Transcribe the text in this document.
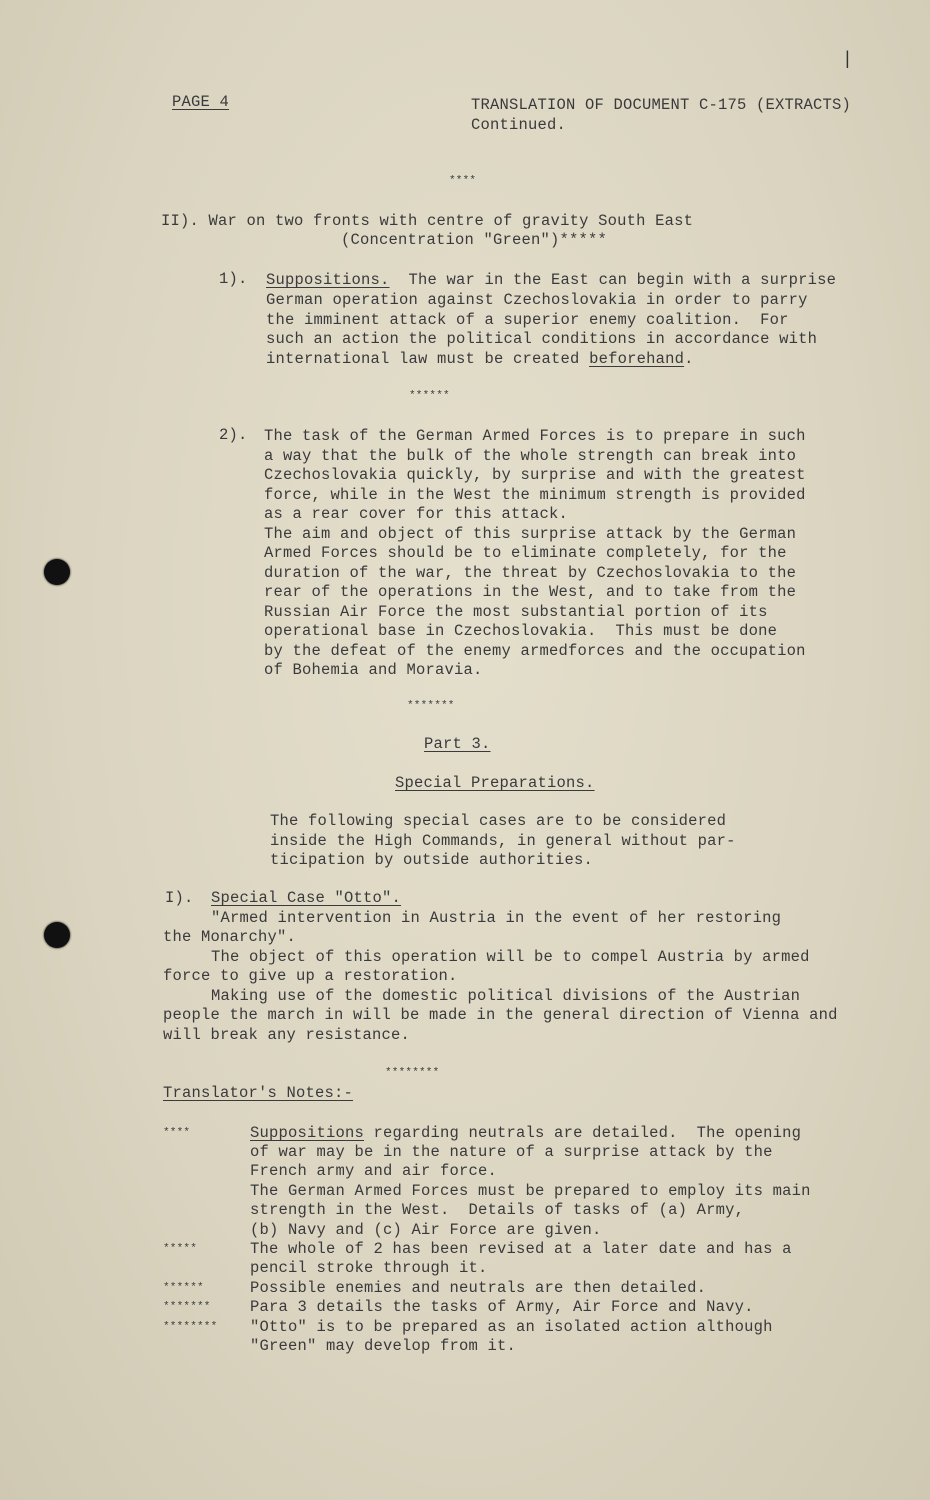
|
PAGE 4	TRANSLATION OF DOCUMENT C-175 (EXTRACTS)
Continued.
****
II). War on two fronts with centre of gravity South East
(Concentration "Green")*****
1). Suppositions.  The war in the East can begin with a surprise
German operation against Czechoslovakia in order to parry
the imminent attack of a superior enemy coalition.  For
such an action the political conditions in accordance with
international law must be created beforehand.
******
2). The task of the German Armed Forces is to prepare in such
a way that the bulk of the whole strength can break into
Czechoslovakia quickly, by surprise and with the greatest
force, while in the West the minimum strength is provided
as a rear cover for this attack.
The aim and object of this surprise attack by the German
Armed Forces should be to eliminate completely, for the
duration of the war, the threat by Czechoslovakia to the
rear of the operations in the West, and to take from the
Russian Air Force the most substantial portion of its
operational base in Czechoslovakia.  This must be done
by the defeat of the enemy armedforces and the occupation
of Bohemia and Moravia.
*******
Part 3.
Special Preparations.
The following special cases are to be considered
inside the High Commands, in general without par-
ticipation by outside authorities.
I). Special Case "Otto".
"Armed intervention in Austria in the event of her restoring
the Monarchy".
The object of this operation will be to compel Austria by armed
force to give up a restoration.
Making use of the domestic political divisions of the Austrian
people the march in will be made in the general direction of Vienna and
will break any resistance.
********
Translator's Notes:-
****	Suppositions regarding neutrals are detailed.  The opening
of war may be in the nature of a surprise attack by the
French army and air force.
The German Armed Forces must be prepared to employ its main
strength in the West.  Details of tasks of (a) Army,
(b) Navy and (c) Air Force are given.
*****	The whole of 2 has been revised at a later date and has a
pencil stroke through it.
******	Possible enemies and neutrals are then detailed.
*******	Para 3 details the tasks of Army, Air Force and Navy.
******** "Otto" is to be prepared as an isolated action although
"Green" may develop from it.
